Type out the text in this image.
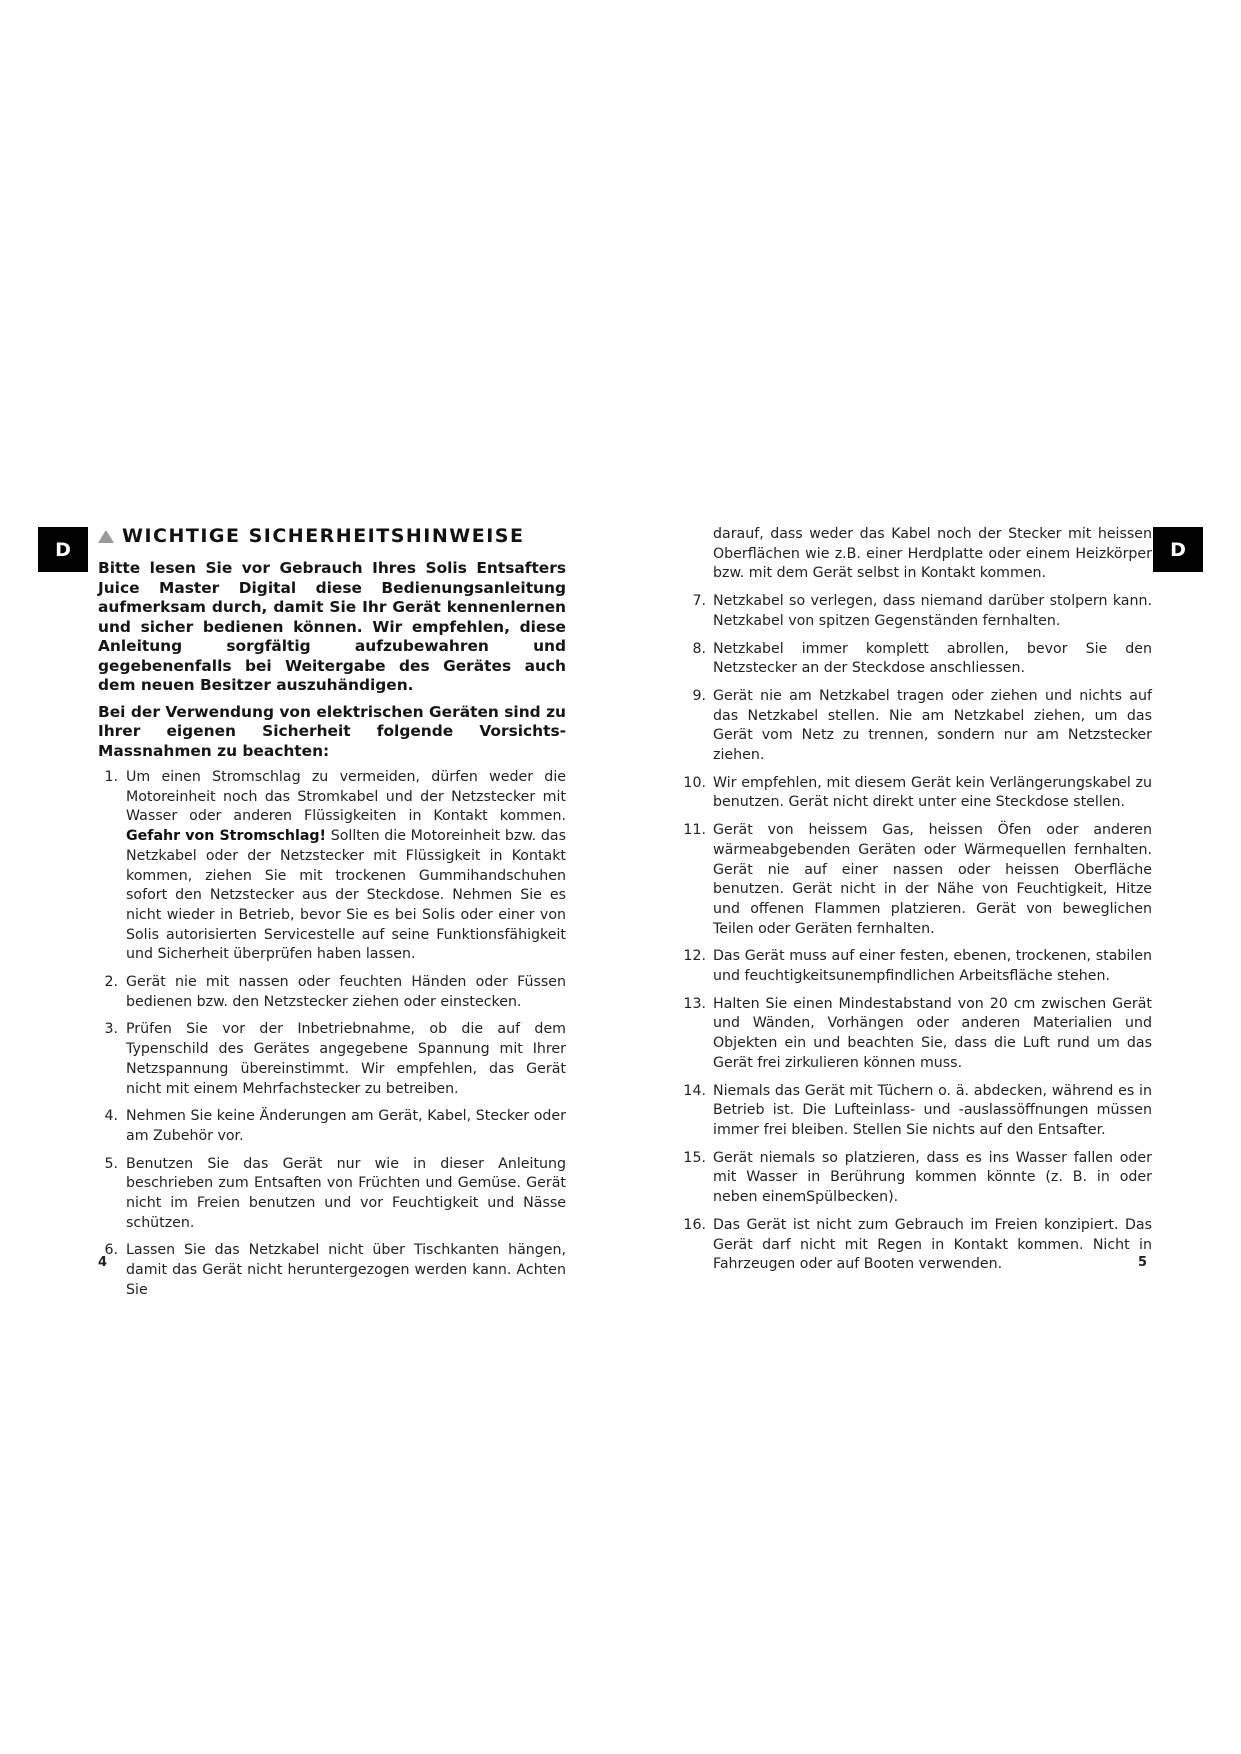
D	D
WICHTIGE SICHERHEITSHINWEISE

Bitte lesen Sie vor Gebrauch Ihres Solis Entsafters Juice Master Digital diese Bedienungsanleitung aufmerksam durch, damit Sie Ihr Gerät kennenlernen und sicher bedienen können. Wir empfehlen, diese Anleitung sorgfältig aufzubewahren und gegebenenfalls bei Weitergabe des Gerätes auch dem neuen Besitzer auszuhändigen.

Bei der Verwendung von elektrischen Geräten sind zu Ihrer eigenen Sicherheit folgende Vorsichts-Massnahmen zu beachten:

1. Um einen Stromschlag zu vermeiden, dürfen weder die Motoreinheit noch das Stromkabel und der Netzstecker mit Wasser oder anderen Flüssigkeiten in Kontakt kommen. Gefahr von Stromschlag! Sollten die Motoreinheit bzw. das Netzkabel oder der Netzstecker mit Flüssigkeit in Kontakt kommen, ziehen Sie mit trockenen Gummihandschuhen sofort den Netzstecker aus der Steckdose. Nehmen Sie es nicht wieder in Betrieb, bevor Sie es bei Solis oder einer von Solis autorisierten Servicestelle auf seine Funktionsfähigkeit und Sicherheit überprüfen haben lassen.
2. Gerät nie mit nassen oder feuchten Händen oder Füssen bedienen bzw. den Netzstecker ziehen oder einstecken.
3. Prüfen Sie vor der Inbetriebnahme, ob die auf dem Typenschild des Gerätes angegebene Spannung mit Ihrer Netzspannung übereinstimmt. Wir empfehlen, das Gerät nicht mit einem Mehrfachstecker zu betreiben.
4. Nehmen Sie keine Änderungen am Gerät, Kabel, Stecker oder am Zubehör vor.
5. Benutzen Sie das Gerät nur wie in dieser Anleitung beschrieben zum Entsaften von Früchten und Gemüse. Gerät nicht im Freien benutzen und vor Feuchtigkeit und Nässe schützen.
6. Lassen Sie das Netzkabel nicht über Tischkanten hängen, damit das Gerät nicht heruntergezogen werden kann. Achten Sie

darauf, dass weder das Kabel noch der Stecker mit heissen Oberflächen wie z.B. einer Herdplatte oder einem Heizkörper bzw. mit dem Gerät selbst in Kontakt kommen.

7. Netzkabel so verlegen, dass niemand darüber stolpern kann. Netzkabel von spitzen Gegenständen fernhalten.
8. Netzkabel immer komplett abrollen, bevor Sie den Netzstecker an der Steckdose anschliessen.
9. Gerät nie am Netzkabel tragen oder ziehen und nichts auf das Netzkabel stellen. Nie am Netzkabel ziehen, um das Gerät vom Netz zu trennen, sondern nur am Netzstecker ziehen.
10. Wir empfehlen, mit diesem Gerät kein Verlängerungskabel zu benutzen. Gerät nicht direkt unter eine Steckdose stellen.
11. Gerät von heissem Gas, heissen Öfen oder anderen wärmeabgebenden Geräten oder Wärmequellen fernhalten. Gerät nie auf einer nassen oder heissen Oberfläche benutzen. Gerät nicht in der Nähe von Feuchtigkeit, Hitze und offenen Flammen platzieren. Gerät von beweglichen Teilen oder Geräten fernhalten.
12. Das Gerät muss auf einer festen, ebenen, trockenen, stabilen und feuchtigkeitsunempfindlichen Arbeitsfläche stehen.
13. Halten Sie einen Mindestabstand von 20 cm zwischen Gerät und Wänden, Vorhängen oder anderen Materialien und Objekten ein und beachten Sie, dass die Luft rund um das Gerät frei zirkulieren können muss.
14. Niemals das Gerät mit Tüchern o. ä. abdecken, während es in Betrieb ist. Die Lufteinlass- und -auslassöffnungen müssen immer frei bleiben. Stellen Sie nichts auf den Entsafter.
15. Gerät niemals so platzieren, dass es ins Wasser fallen oder mit Wasser in Berührung kommen könnte (z. B. in oder neben einemSpülbecken).
16. Das Gerät ist nicht zum Gebrauch im Freien konzipiert. Das Gerät darf nicht mit Regen in Kontakt kommen. Nicht in Fahrzeugen oder auf Booten verwenden.
4	5
